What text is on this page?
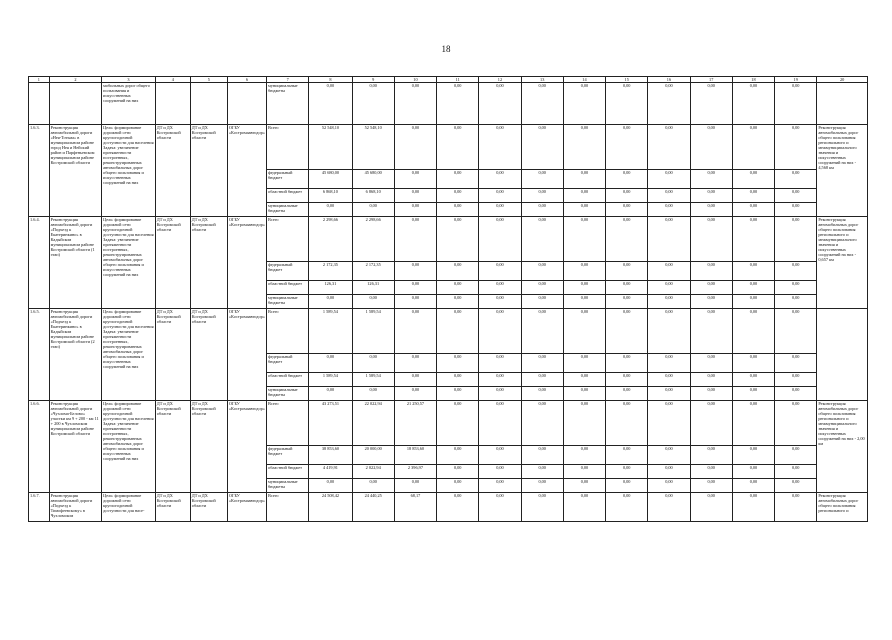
18
1	2	3	4	5	6	7	8	9	10	11	12	13	14	15	16	17	18	19	20
		мобильных дорог общего пользования и искусственных сооружений на них				муниципальные бюджеты	0,00	0,00	0,00	0,00	0,00	0,00	0,00	0,00	0,00	0,00	0,00	0,00	
1.6.3.	Реконструкция автомобильной дороги «Нея-Тотьма» в муниципальном районе город Нея и Нейский район и Парфеньевском муниципальном районе Костромской области	Цель: формирование дорожной сети круглогодичной доступности для населения Задача: увеличение протяженности построенных, реконструированных автомобильных дорог общего пользования и искусственных сооружений на них	ДТ и ДХ Костромской области	ДТ и ДХ Костромской области	ОГБУ «Костромаавтодор»	Всего	52 548,10	52 548,10	0,00	0,00	0,00	0,00	0,00	0,00	0,00	0,00	0,00	0,00	Реконструкция автомобильных дорог общего пользования регионального и межмуниципального значения и искусственных сооружений на них - 4,568 км
						федеральный бюджет	45 680,00	45 680,00	0,00	0,00	0,00	0,00	0,00	0,00	0,00	0,00	0,00	0,00	
						областной бюджет	6 868,10	6 868,10	0,00	0,00	0,00	0,00	0,00	0,00	0,00	0,00	0,00	0,00	
						муниципальные бюджеты	0,00	0,00	0,00	0,00	0,00	0,00	0,00	0,00	0,00	0,00	0,00	0,00	
1.6.4.	Реконструкция автомобильной дороги «Подъезд к Екатеринкино» в Кадыйском муниципальном районе Костромской области (1 этап)	Цель: формирование дорожной сети круглогодичной доступности для населения Задача: увеличение протяженности построенных, реконструированных автомобильных дорог общего пользования и искусственных сооружений на них	ДТ и ДХ Костромской области	ДТ и ДХ Костромской области	ОГБУ «Костромаавтодор»	Всего	2 298,66	2 298,66	0,00	0,00	0,00	0,00	0,00	0,00	0,00	0,00	0,00	0,00	Реконструкция автомобильных дорог общего пользования регионального и межмуниципального значения и искусственных сооружений на них - 0,657 км
						федеральный бюджет	2 172,35	2 172,35	0,00	0,00	0,00	0,00	0,00	0,00	0,00	0,00	0,00	0,00	
						областной бюджет	126,31	126,31	0,00	0,00	0,00	0,00	0,00	0,00	0,00	0,00	0,00	0,00	
						муниципальные бюджеты	0,00	0,00	0,00	0,00	0,00	0,00	0,00	0,00	0,00	0,00	0,00	0,00	
1.6.5.	Реконструкция автомобильной дороги «Подъезд к Екатеринкино» в Кадыйском муниципальном районе Костромской области (2 этап)	Цель: формирование дорожной сети круглогодичной доступности для населения Задача: увеличение протяженности построенных, реконструированных автомобильных дорог общего пользования и искусственных сооружений на них	ДТ и ДХ Костромской области	ДТ и ДХ Костромской области	ОГБУ «Костромаавтодор»	Всего	1 589,54	1 589,54	0,00	0,00	0,00	0,00	0,00	0,00	0,00	0,00	0,00	0,00	
						федеральный бюджет	0,00	0,00	0,00	0,00	0,00	0,00	0,00	0,00	0,00	0,00	0,00	0,00	
						областной бюджет	1 589,54	1 589,54	0,00	0,00	0,00	0,00	0,00	0,00	0,00	0,00	0,00	0,00	
						муниципальные бюджеты	0,00	0,00	0,00	0,00	0,00	0,00	0,00	0,00	0,00	0,00	0,00	0,00	
1.6.6.	Реконструкция автомобильной дороги «Чухлома-Белово» участки км 9 + 200 - км 11 + 200 в Чухломском муниципальном районе Костромской области	Цель: формирование дорожной сети круглогодичной доступности для населения Задача: увеличение протяженности построенных, реконструированных автомобильных дорог общего пользования и искусственных сооружений на них	ДТ и ДХ Костромской области	ДТ и ДХ Костромской области	ОГБУ «Костромаавтодор»	Всего	43 273,51	22 022,94	21 250,57	0,00	0,00	0,00	0,00	0,00	0,00	0,00	0,00	0,00	Реконструкция автомобильных дорог общего пользования регионального и межмуниципального значения и искусственных сооружений на них - 2,00 км
						федеральный бюджет	38 853,60	20 000,00	18 853,60	0,00	0,00	0,00	0,00	0,00	0,00	0,00	0,00	0,00	
						областной бюджет	4 419,91	2 022,94	2 396,97	0,00	0,00	0,00	0,00	0,00	0,00	0,00	0,00	0,00	
						муниципальные бюджеты	0,00	0,00	0,00	0,00	0,00	0,00	0,00	0,00	0,00	0,00	0,00	0,00	
1.6.7.	Реконструкция автомобильной дороги «Подъезд к Тимофеевскому» в Чухломском	Цель: формирование дорожной сети круглогодичной доступности для насе-	ДТ и ДХ Костромской области	ДТ и ДХ Костромской области	ОГБУ «Костромаавтодор»	Всего	24 508,42	24 440,25	68,17	0,00	0,00	0,00	0,00	0,00	0,00	0,00	0,00	0,00	Реконструкция автомобильных дорог общего пользования регионального и
